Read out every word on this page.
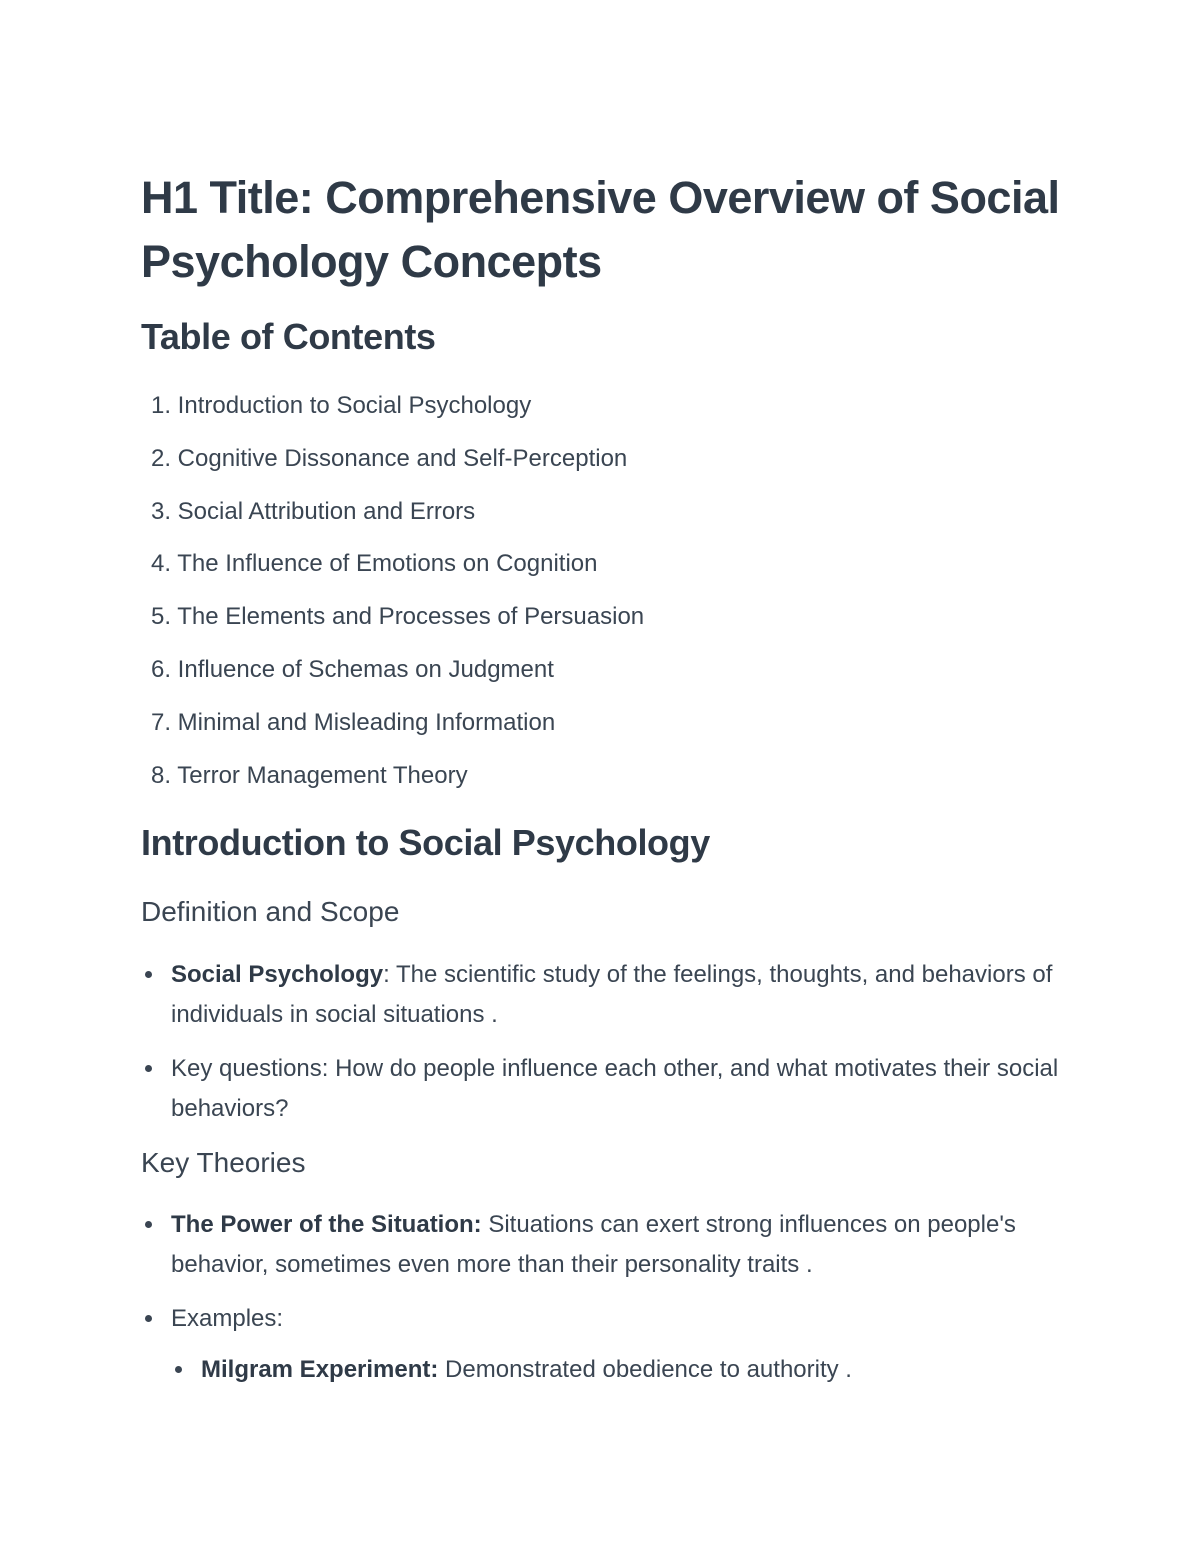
H1 Title: Comprehensive Overview of Social Psychology Concepts
Table of Contents
1. Introduction to Social Psychology
2. Cognitive Dissonance and Self-Perception
3. Social Attribution and Errors
4. The Influence of Emotions on Cognition
5. The Elements and Processes of Persuasion
6. Influence of Schemas on Judgment
7. Minimal and Misleading Information
8. Terror Management Theory
Introduction to Social Psychology
Definition and Scope
Social Psychology: The scientific study of the feelings, thoughts, and behaviors of individuals in social situations .
Key questions: How do people influence each other, and what motivates their social behaviors?
Key Theories
The Power of the Situation: Situations can exert strong influences on people's behavior, sometimes even more than their personality traits .
Examples:
Milgram Experiment: Demonstrated obedience to authority .
